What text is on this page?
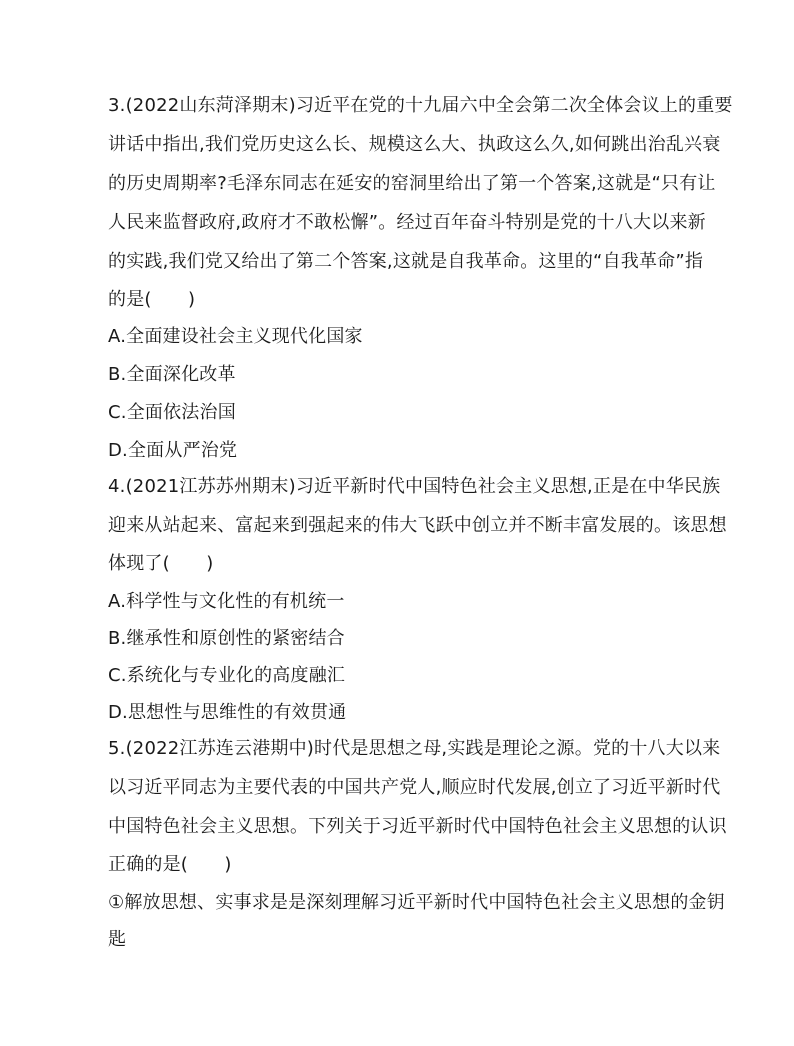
3.(2022山东菏泽期末)习近平在党的十九届六中全会第二次全体会议上的重要
讲话中指出,我们党历史这么长、规模这么大、执政这么久,如何跳出治乱兴衰
的历史周期率?毛泽东同志在延安的窑洞里给出了第一个答案,这就是“只有让
人民来监督政府,政府才不敢松懈”。经过百年奋斗特别是党的十八大以来新
的实践,我们党又给出了第二个答案,这就是自我革命。这里的“自我革命”指
的是(　　)
A.全面建设社会主义现代化国家
B.全面深化改革
C.全面依法治国
D.全面从严治党
4.(2021江苏苏州期末)习近平新时代中国特色社会主义思想,正是在中华民族
迎来从站起来、富起来到强起来的伟大飞跃中创立并不断丰富发展的。该思想
体现了(　　)
A.科学性与文化性的有机统一
B.继承性和原创性的紧密结合
C.系统化与专业化的高度融汇
D.思想性与思维性的有效贯通
5.(2022江苏连云港期中)时代是思想之母,实践是理论之源。党的十八大以来
以习近平同志为主要代表的中国共产党人,顺应时代发展,创立了习近平新时代
中国特色社会主义思想。下列关于习近平新时代中国特色社会主义思想的认识
正确的是(　　)
①解放思想、实事求是是深刻理解习近平新时代中国特色社会主义思想的金钥
匙
